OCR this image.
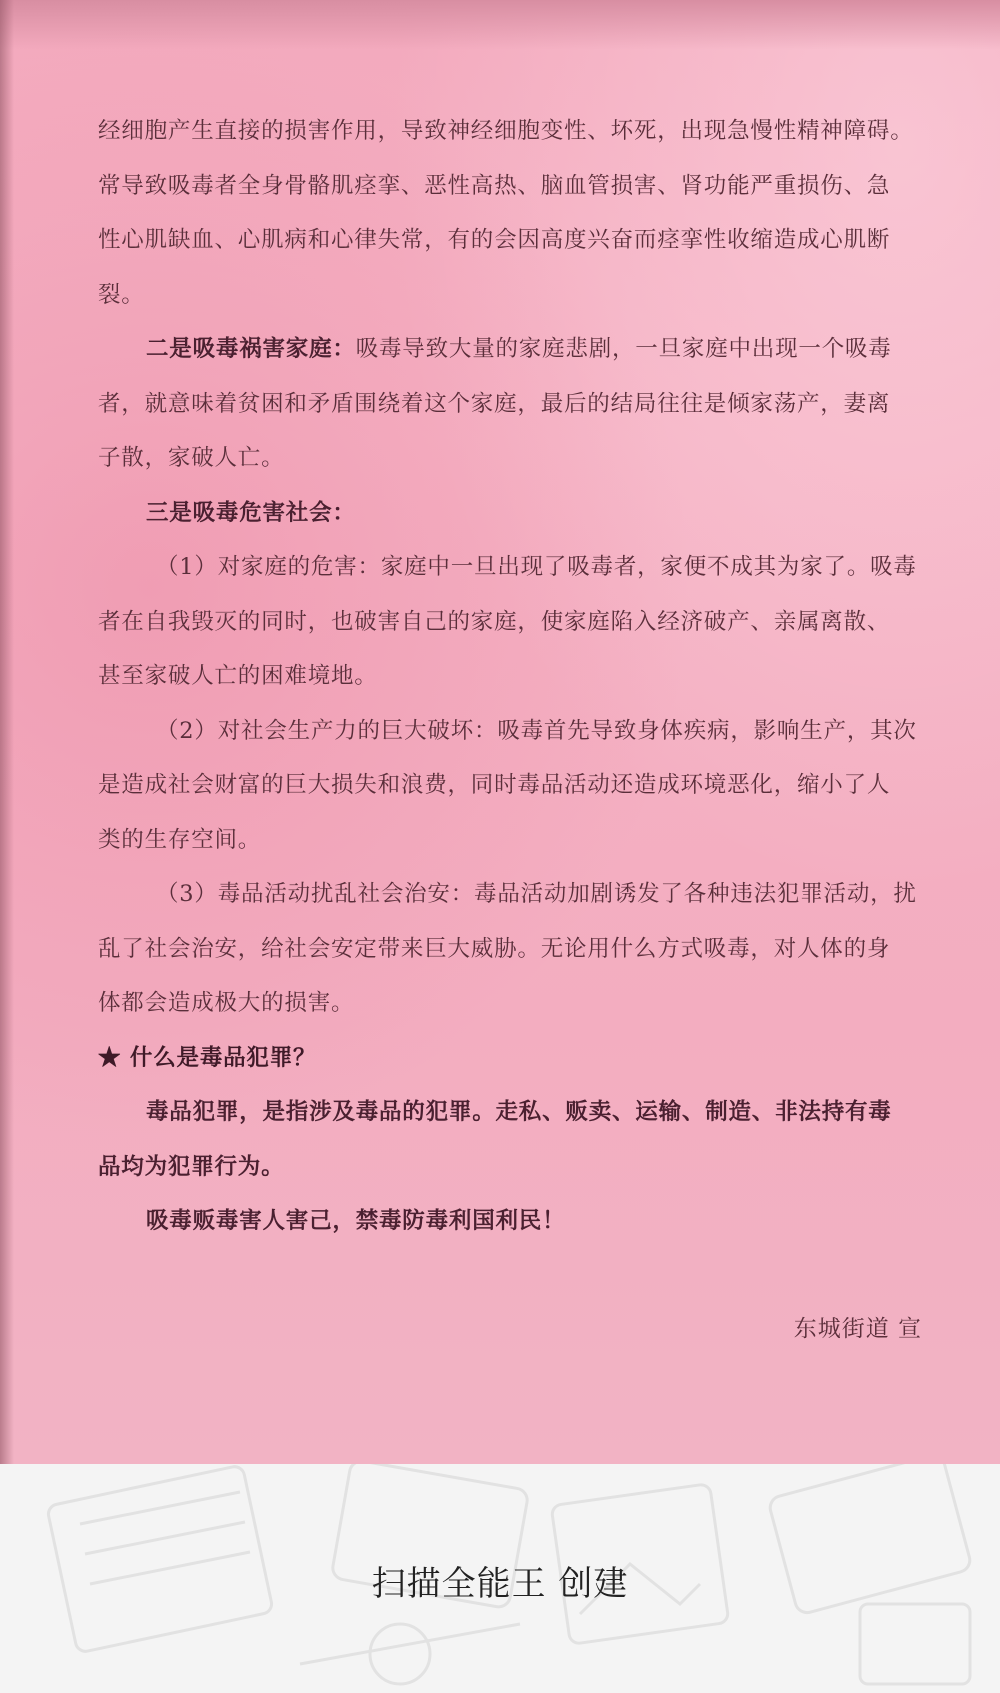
经细胞产生直接的损害作用，导致神经细胞变性、坏死，出现急慢性精神障碍。
常导致吸毒者全身骨骼肌痉挛、恶性高热、脑血管损害、肾功能严重损伤、急
性心肌缺血、心肌病和心律失常，有的会因高度兴奋而痉挛性收缩造成心肌断
裂。
二是吸毒祸害家庭：吸毒导致大量的家庭悲剧，一旦家庭中出现一个吸毒
者，就意味着贫困和矛盾围绕着这个家庭，最后的结局往往是倾家荡产，妻离
子散，家破人亡。
三是吸毒危害社会：
（1）对家庭的危害：家庭中一旦出现了吸毒者，家便不成其为家了。吸毒
者在自我毁灭的同时，也破害自己的家庭，使家庭陷入经济破产、亲属离散、
甚至家破人亡的困难境地。
（2）对社会生产力的巨大破坏：吸毒首先导致身体疾病，影响生产，其次
是造成社会财富的巨大损失和浪费，同时毒品活动还造成环境恶化，缩小了人
类的生存空间。
（3）毒品活动扰乱社会治安：毒品活动加剧诱发了各种违法犯罪活动，扰
乱了社会治安，给社会安定带来巨大威胁。无论用什么方式吸毒，对人体的身
体都会造成极大的损害。
★ 什么是毒品犯罪？
毒品犯罪，是指涉及毒品的犯罪。走私、贩卖、运输、制造、非法持有毒
品均为犯罪行为。
吸毒贩毒害人害己，禁毒防毒利国利民！
东城街道 宣
扫描全能王 创建
